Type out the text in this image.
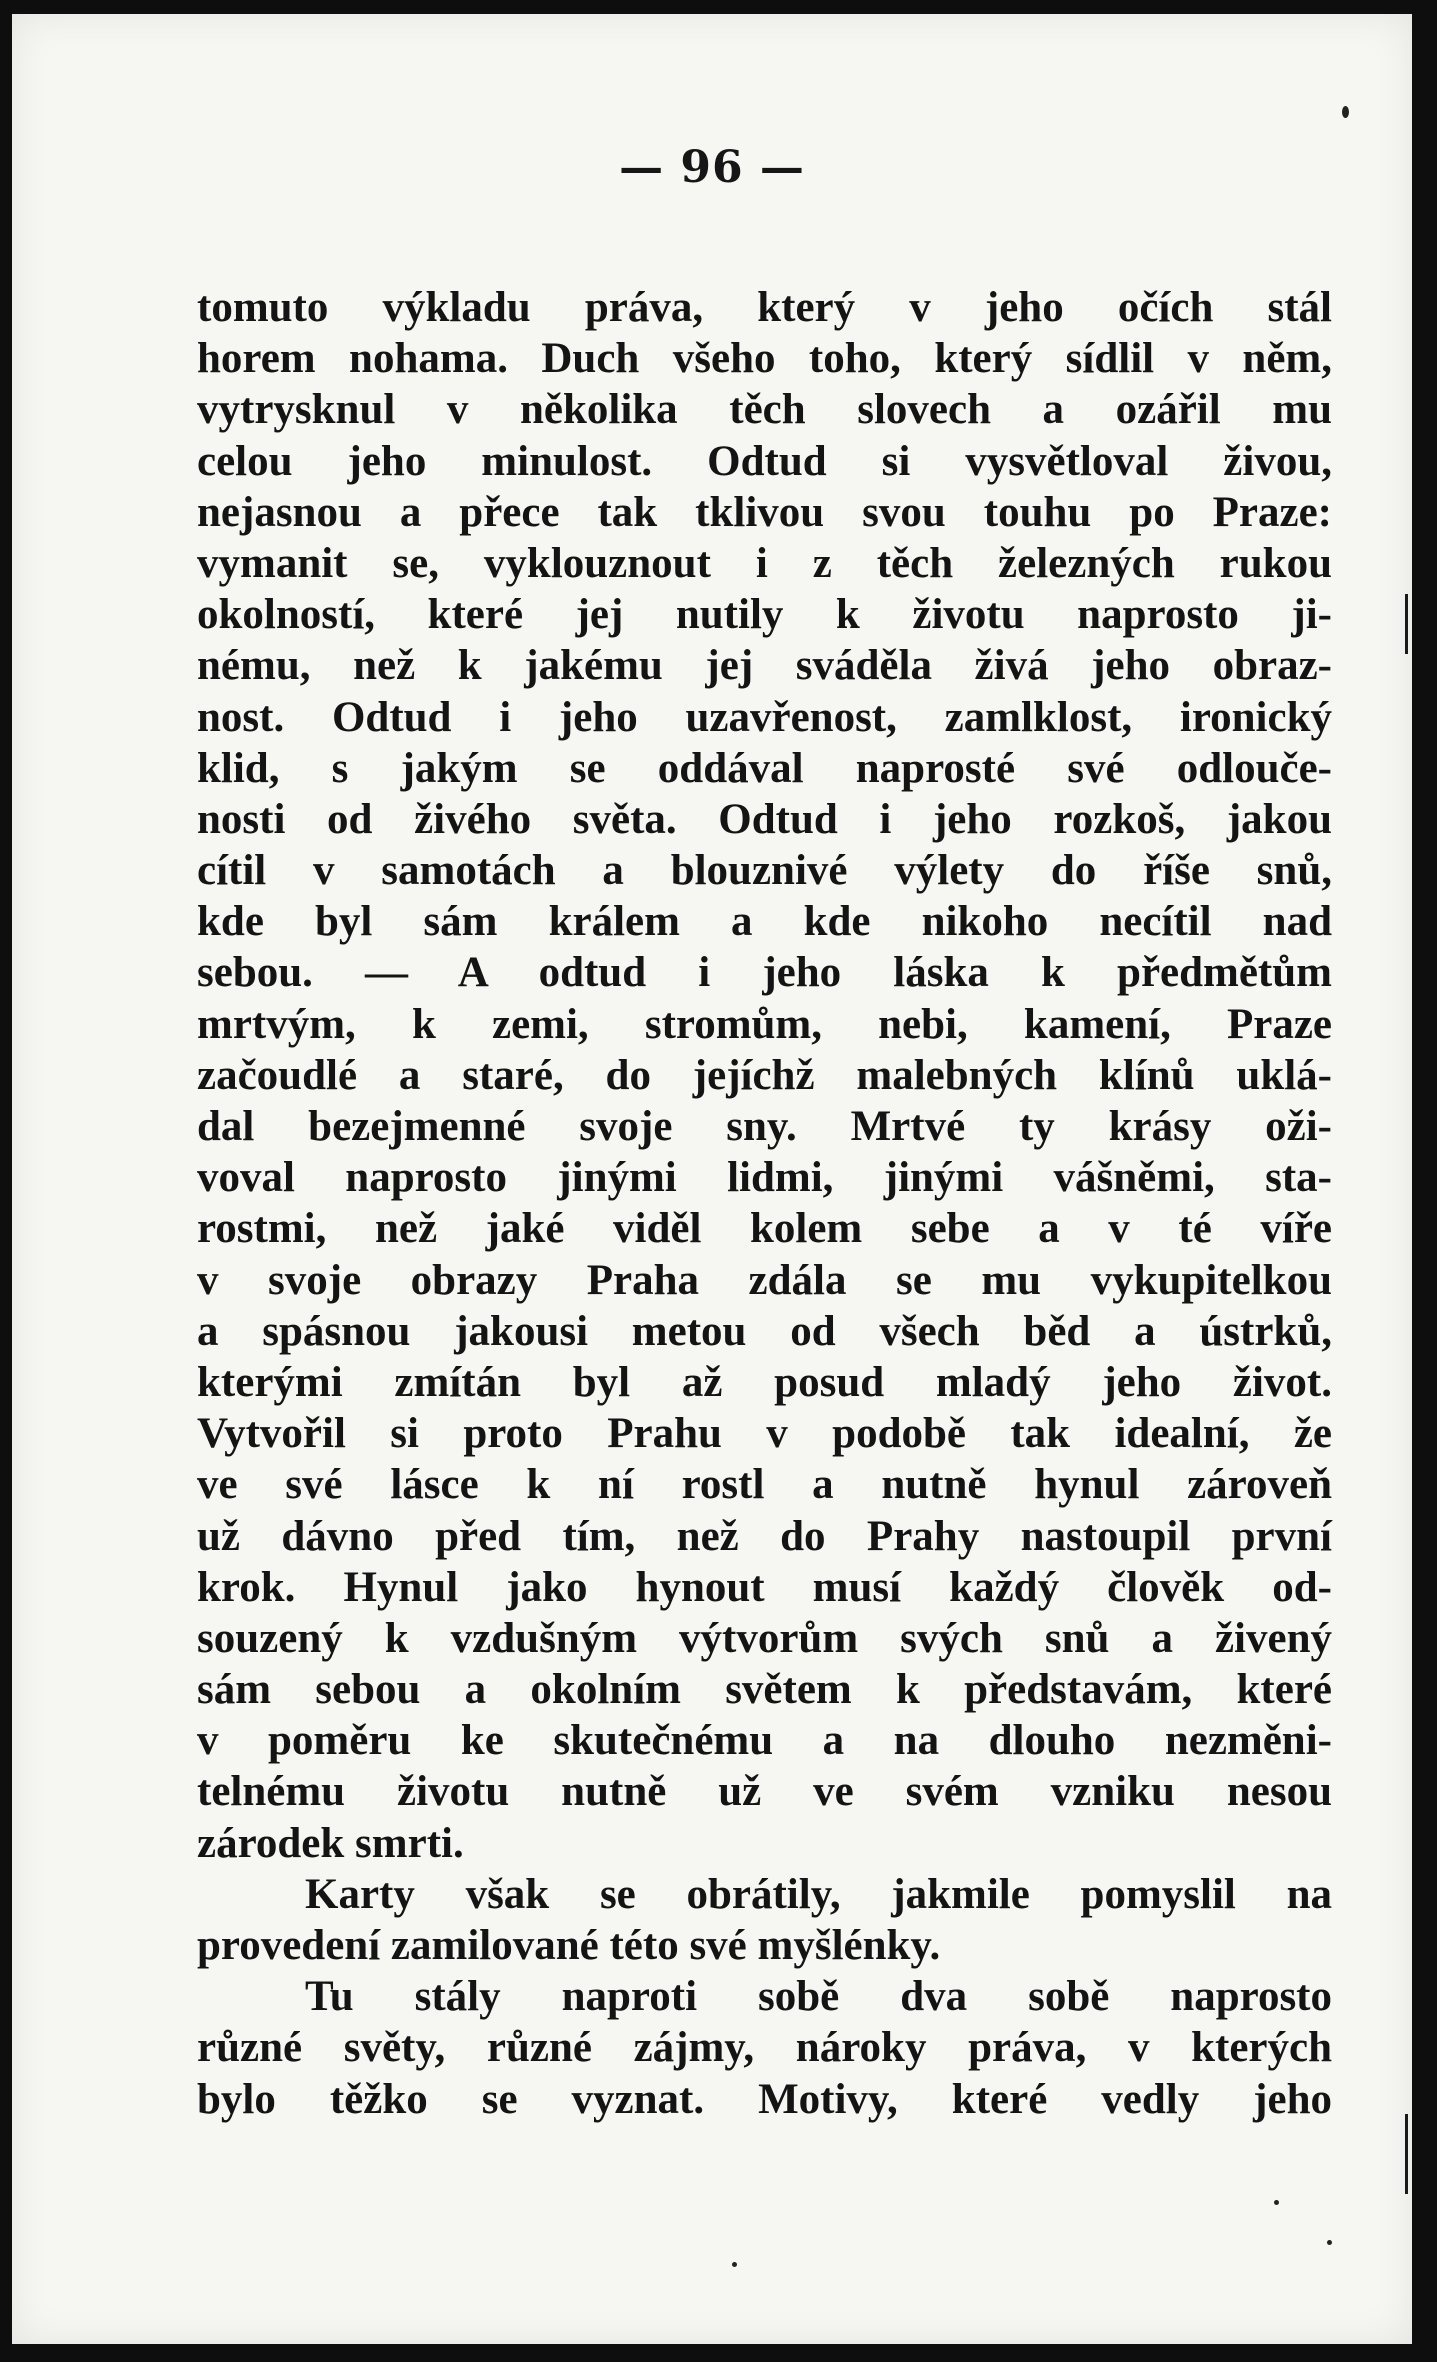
— 96 —
tomuto výkladu práva, který v jeho očích stál
horem nohama. Duch všeho toho, který sídlil v něm,
vytrysknul v několika těch slovech a ozářil mu
celou jeho minulost. Odtud si vysvětloval živou,
nejasnou a přece tak tklivou svou touhu po Praze:
vymanit se, vyklouznout i z těch železných rukou
okolností, které jej nutily k životu naprosto ji-
nému, než k jakému jej sváděla živá jeho obraz-
nost. Odtud i jeho uzavřenost, zamlklost, ironický
klid, s jakým se oddával naprosté své odlouče-
nosti od živého světa. Odtud i jeho rozkoš, jakou
cítil v samotách a blouznivé výlety do říše snů,
kde byl sám králem a kde nikoho necítil nad
sebou. — A odtud i jeho láska k předmětům
mrtvým, k zemi, stromům, nebi, kamení, Praze
začoudlé a staré, do jejíchž malebných klínů uklá-
dal bezejmenné svoje sny. Mrtvé ty krásy oži-
voval naprosto jinými lidmi, jinými vášněmi, sta-
rostmi, než jaké viděl kolem sebe a v té víře
v svoje obrazy Praha zdála se mu vykupitelkou
a spásnou jakousi metou od všech běd a ústrků,
kterými zmítán byl až posud mladý jeho život.
Vytvořil si proto Prahu v podobě tak idealní, že
ve své lásce k ní rostl a nutně hynul zároveň
už dávno před tím, než do Prahy nastoupil první
krok. Hynul jako hynout musí každý člověk od-
souzený k vzdušným výtvorům svých snů a živený
sám sebou a okolním světem k představám, které
v poměru ke skutečnému a na dlouho nezměni-
telnému životu nutně už ve svém vzniku nesou
zárodek smrti.
Karty však se obrátily, jakmile pomyslil na
provedení zamilované této své myšlénky.
Tu stály naproti sobě dva sobě naprosto
různé světy, různé zájmy, nároky práva, v kterých
bylo těžko se vyznat. Motivy, které vedly jeho
